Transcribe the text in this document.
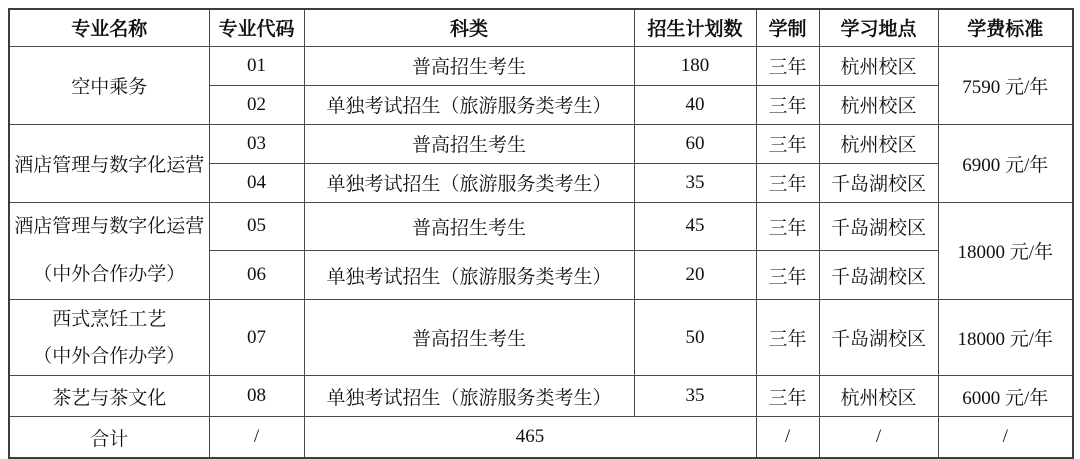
专业名称	专业代码	科类	招生计划数	学制	学习地点	学费标准
空中乘务	01	普高招生考生	180	三年	杭州校区	7590 元/年
	02	单独考试招生（旅游服务类考生）	40	三年	杭州校区	
酒店管理与数字化运营	03	普高招生考生	60	三年	杭州校区	6900 元/年
	04	单独考试招生（旅游服务类考生）	35	三年	千岛湖校区	

酒店管理与数字化运营
（中外合作办学）	05	普高招生考生	45	三年	千岛湖校区	18000 元/年
	06	单独考试招生（旅游服务类考生）	20	三年	千岛湖校区	

西式烹饪工艺
（中外合作办学）	07	普高招生考生	50	三年	千岛湖校区	18000 元/年
茶艺与茶文化	08	单独考试招生（旅游服务类考生）	35	三年	杭州校区	6000 元/年
合计	/	465		/	/	/
